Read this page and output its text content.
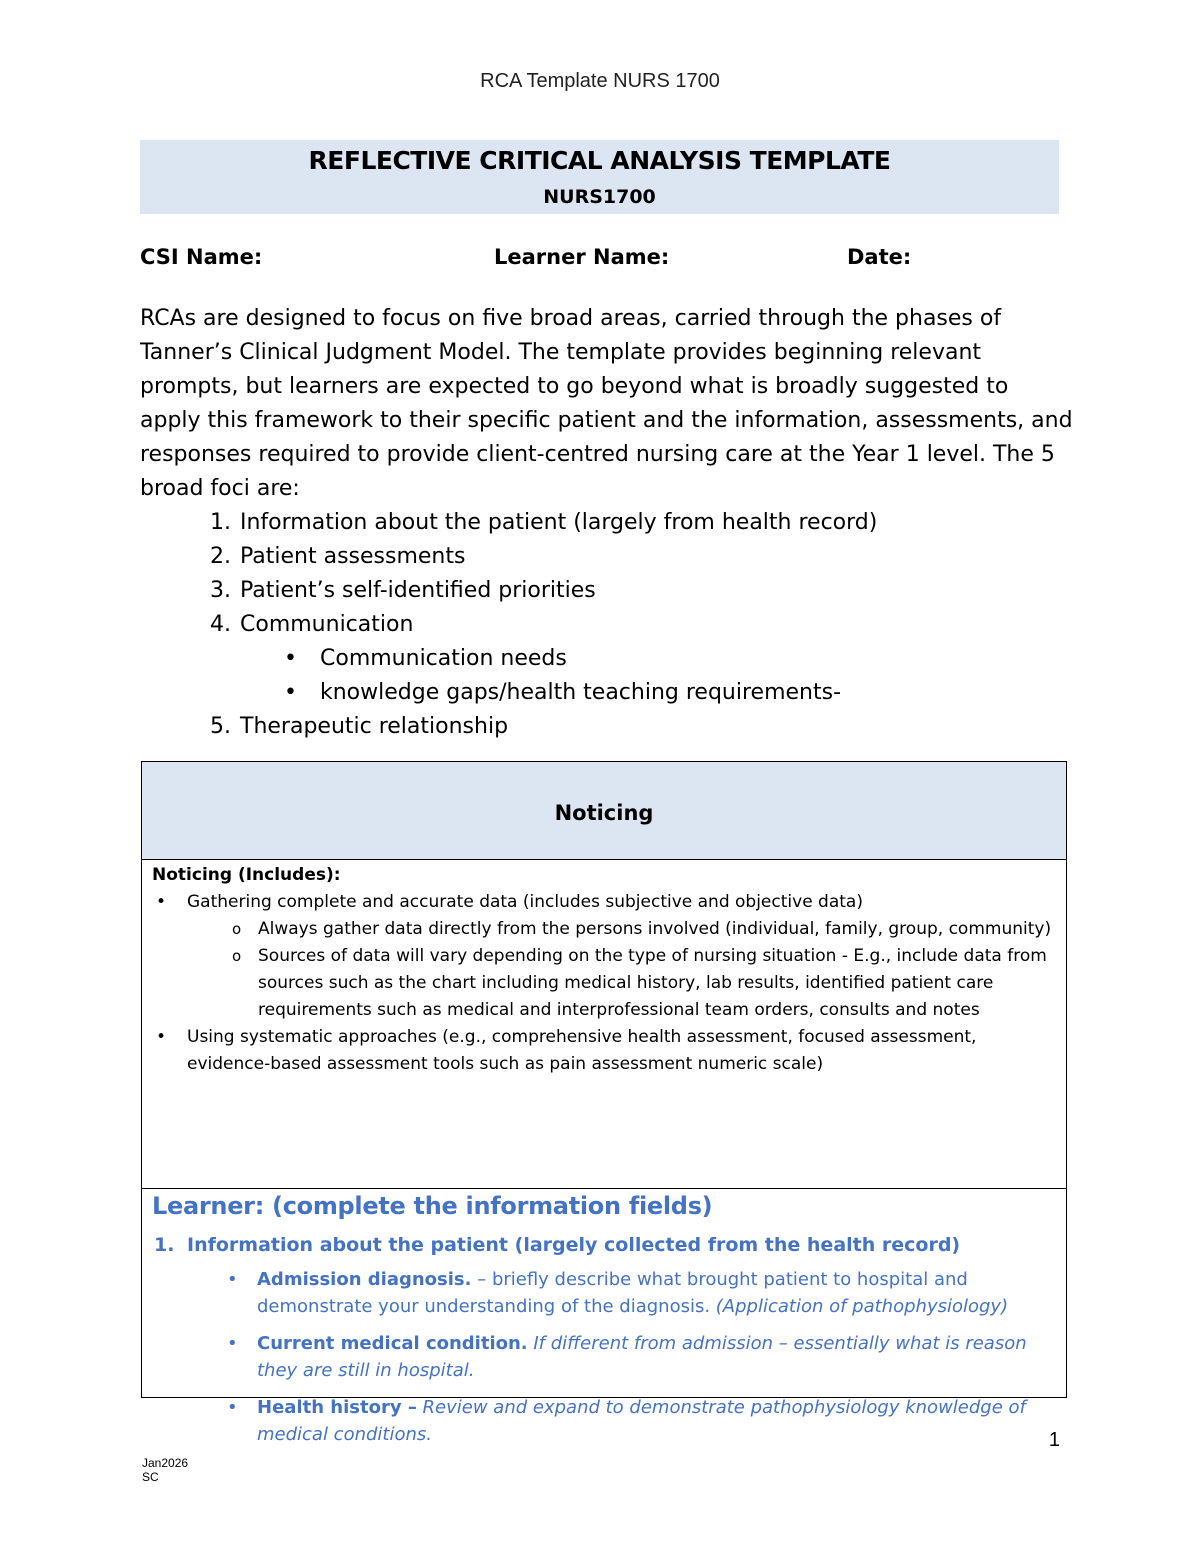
RCA Template NURS 1700
REFLECTIVE CRITICAL ANALYSIS TEMPLATE
NURS1700
CSI Name:	Learner Name:	Date:

RCAs are designed to focus on five broad areas, carried through the phases of Tanner’s Clinical Judgment Model. The template provides beginning relevant prompts, but learners are expected to go beyond what is broadly suggested to apply this framework to their specific patient and the information, assessments, and responses required to provide client-centred nursing care at the Year 1 level. The 5 broad foci are:

1. Information about the patient (largely from health record)
2. Patient assessments
3. Patient’s self-identified priorities
4. Communication
• Communication needs
• knowledge gaps/health teaching requirements-
5. Therapeutic relationship
Noticing
Noticing (Includes):
• Gathering complete and accurate data (includes subjective and objective data)
o Always gather data directly from the persons involved (individual, family, group, community)
o Sources of data will vary depending on the type of nursing situation - E.g., include data from sources such as the chart including medical history, lab results, identified patient care requirements such as medical and interprofessional team orders, consults and notes
• Using systematic approaches (e.g., comprehensive health assessment, focused assessment, evidence-based assessment tools such as pain assessment numeric scale)
Learner: (complete the information fields)
1. Information about the patient (largely collected from the health record)
• Admission diagnosis. – briefly describe what brought patient to hospital and demonstrate your understanding of the diagnosis. (Application of pathophysiology)
• Current medical condition. If different from admission – essentially what is reason they are still in hospital.
• Health history – Review and expand to demonstrate pathophysiology knowledge of medical conditions.	1
Jan2026
SC
